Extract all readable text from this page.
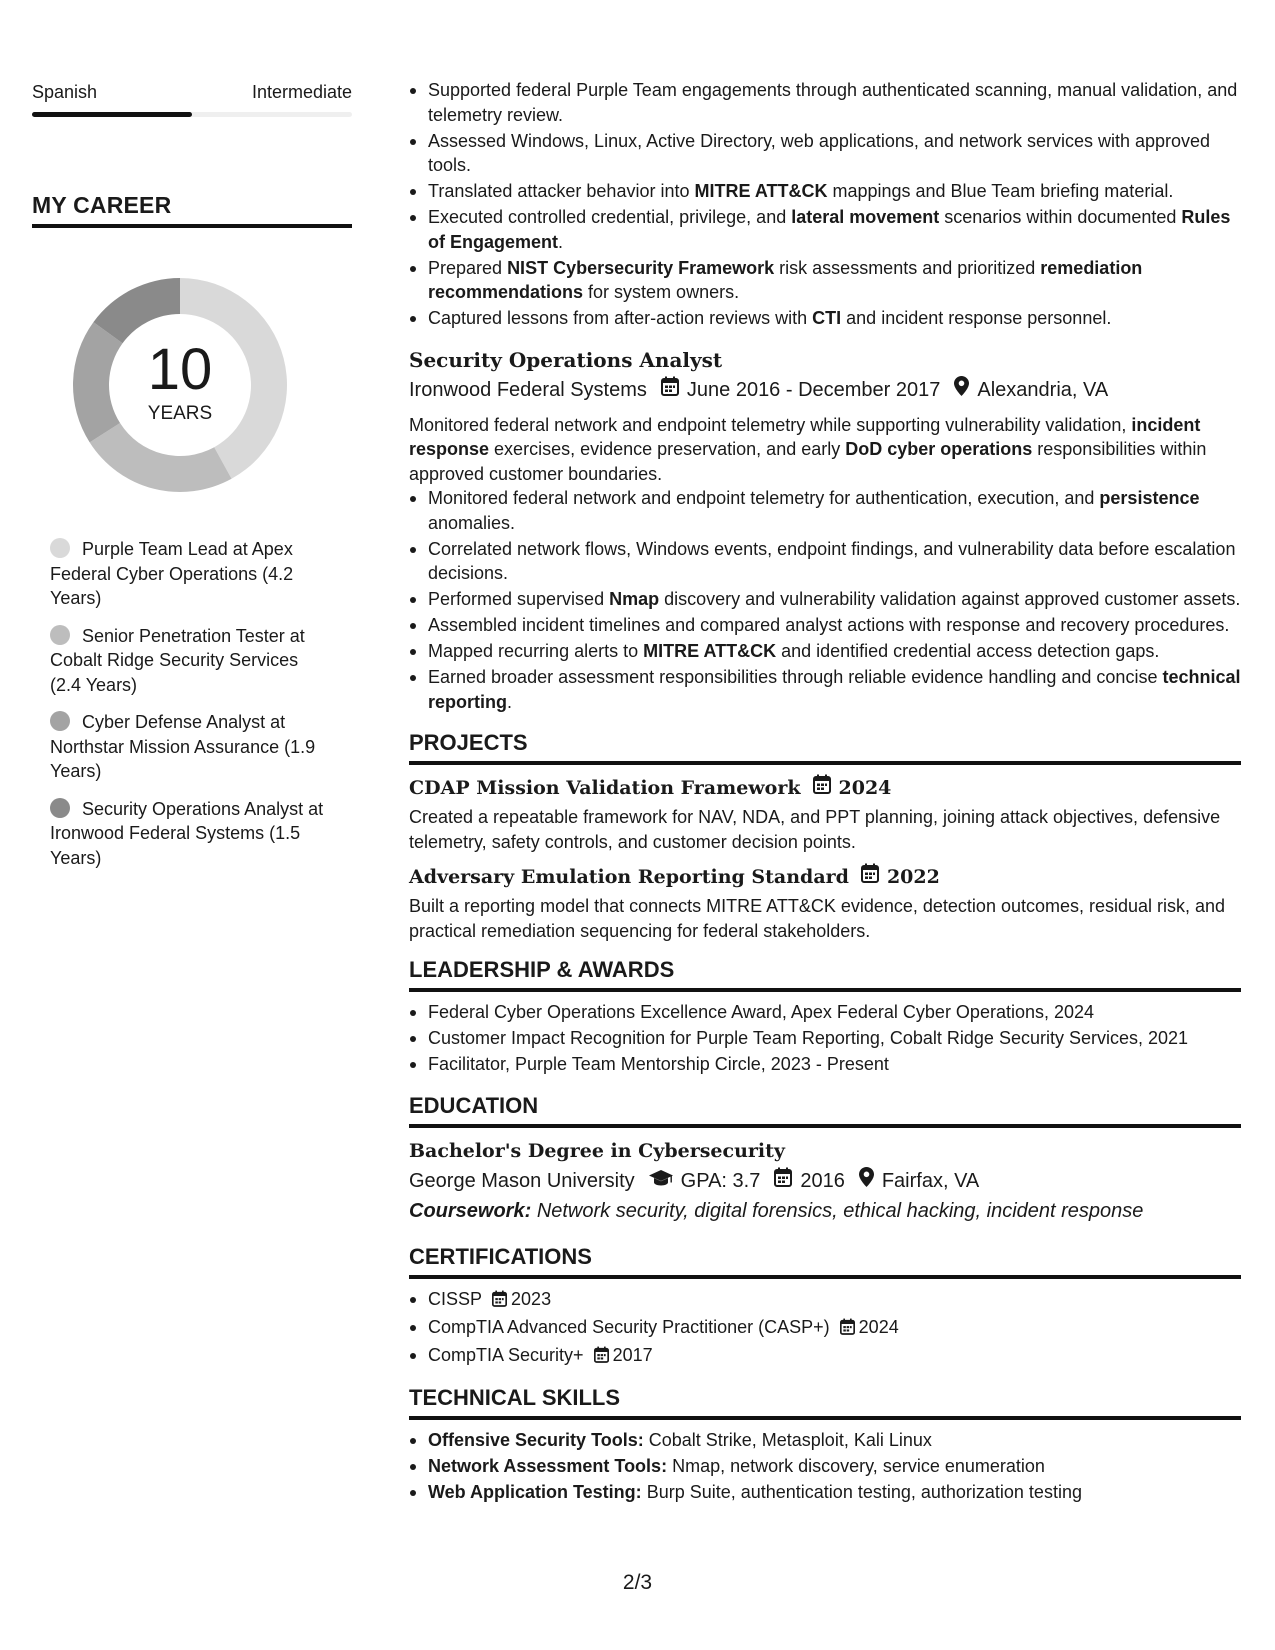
Spanish	Intermediate
MY CAREER
10
YEARS
Purple Team Lead at Apex Federal Cyber Operations (4.2 Years)
Senior Penetration Tester at Cobalt Ridge Security Services (2.4 Years)
Cyber Defense Analyst at Northstar Mission Assurance (1.9 Years)
Security Operations Analyst at Ironwood Federal Systems (1.5 Years)
Supported federal Purple Team engagements through authenticated scanning, manual validation, and telemetry review.
Assessed Windows, Linux, Active Directory, web applications, and network services with approved tools.
Translated attacker behavior into MITRE ATT&CK mappings and Blue Team briefing material.
Executed controlled credential, privilege, and lateral movement scenarios within documented Rules of Engagement.
Prepared NIST Cybersecurity Framework risk assessments and prioritized remediation recommendations for system owners.
Captured lessons from after-action reviews with CTI and incident response personnel.
Security Operations Analyst
Ironwood Federal Systems June 2016 - December 2017 Alexandria, VA
Monitored federal network and endpoint telemetry while supporting vulnerability validation, incident response exercises, evidence preservation, and early DoD cyber operations responsibilities within approved customer boundaries.
Monitored federal network and endpoint telemetry for authentication, execution, and persistence anomalies.
Correlated network flows, Windows events, endpoint findings, and vulnerability data before escalation decisions.
Performed supervised Nmap discovery and vulnerability validation against approved customer assets.
Assembled incident timelines and compared analyst actions with response and recovery procedures.
Mapped recurring alerts to MITRE ATT&CK and identified credential access detection gaps.
Earned broader assessment responsibilities through reliable evidence handling and concise technical reporting.
PROJECTS
CDAP Mission Validation Framework 2024
Created a repeatable framework for NAV, NDA, and PPT planning, joining attack objectives, defensive telemetry, safety controls, and customer decision points.
Adversary Emulation Reporting Standard 2022
Built a reporting model that connects MITRE ATT&CK evidence, detection outcomes, residual risk, and practical remediation sequencing for federal stakeholders.
LEADERSHIP & AWARDS
Federal Cyber Operations Excellence Award, Apex Federal Cyber Operations, 2024
Customer Impact Recognition for Purple Team Reporting, Cobalt Ridge Security Services, 2021
Facilitator, Purple Team Mentorship Circle, 2023 - Present
EDUCATION
Bachelor's Degree in Cybersecurity
George Mason University GPA: 3.7 2016 Fairfax, VA
Coursework: Network security, digital forensics, ethical hacking, incident response
CERTIFICATIONS
CISSP 2023
CompTIA Advanced Security Practitioner (CASP+) 2024
CompTIA Security+ 2017
TECHNICAL SKILLS
Offensive Security Tools: Cobalt Strike, Metasploit, Kali Linux
Network Assessment Tools: Nmap, network discovery, service enumeration
Web Application Testing: Burp Suite, authentication testing, authorization testing
2/3
